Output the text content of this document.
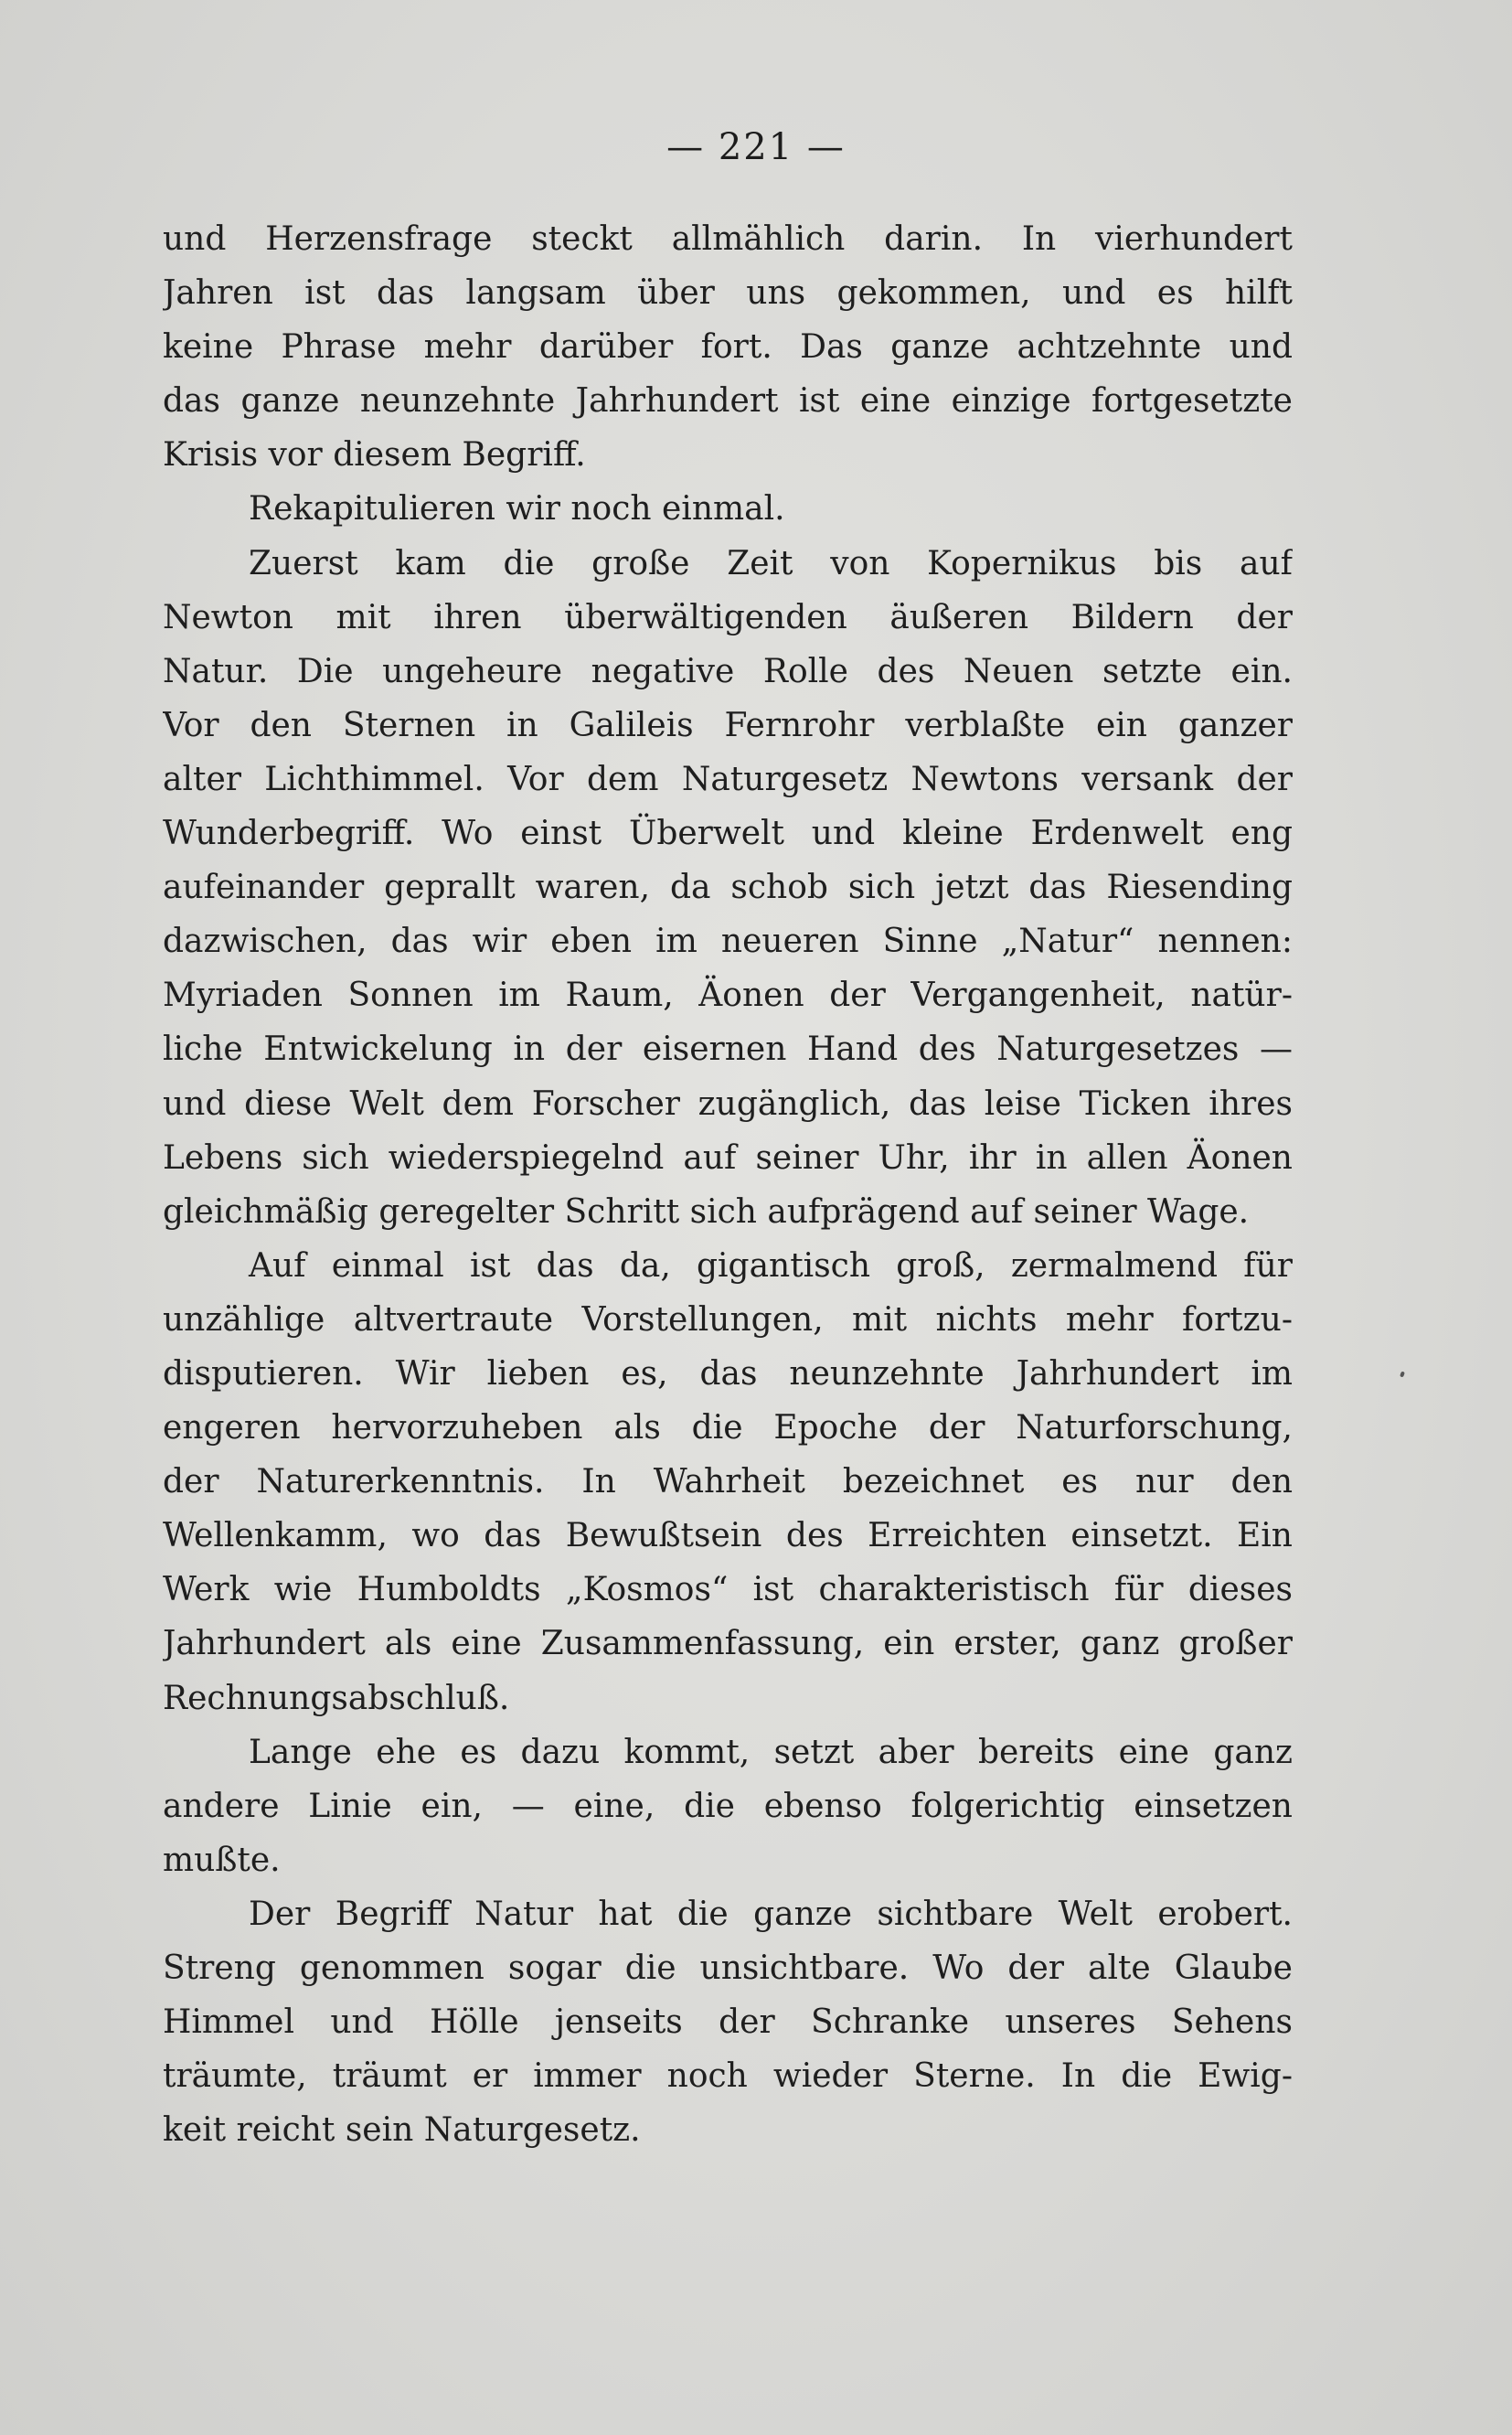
— 221 —
und Herzensfrage steckt allmählich darin. In vierhundert
Jahren ist das langsam über uns gekommen, und es hilft
keine Phrase mehr darüber fort. Das ganze achtzehnte und
das ganze neunzehnte Jahrhundert ist eine einzige fortgesetzte
Krisis vor diesem Begriff.
Rekapitulieren wir noch einmal.
Zuerst kam die große Zeit von Kopernikus bis auf
Newton mit ihren überwältigenden äußeren Bildern der
Natur. Die ungeheure negative Rolle des Neuen setzte ein.
Vor den Sternen in Galileis Fernrohr verblaßte ein ganzer
alter Lichthimmel. Vor dem Naturgesetz Newtons versank der
Wunderbegriff. Wo einst Überwelt und kleine Erdenwelt eng
aufeinander geprallt waren, da schob sich jetzt das Riesending
dazwischen, das wir eben im neueren Sinne „Natur“ nennen:
Myriaden Sonnen im Raum, Äonen der Vergangenheit, natür-
liche Entwickelung in der eisernen Hand des Naturgesetzes —
und diese Welt dem Forscher zugänglich, das leise Ticken ihres
Lebens sich wiederspiegelnd auf seiner Uhr, ihr in allen Äonen
gleichmäßig geregelter Schritt sich aufprägend auf seiner Wage.
Auf einmal ist das da, gigantisch groß, zermalmend für
unzählige altvertraute Vorstellungen, mit nichts mehr fortzu-
disputieren. Wir lieben es, das neunzehnte Jahrhundert im
engeren hervorzuheben als die Epoche der Naturforschung,
der Naturerkenntnis. In Wahrheit bezeichnet es nur den
Wellenkamm, wo das Bewußtsein des Erreichten einsetzt. Ein
Werk wie Humboldts „Kosmos“ ist charakteristisch für dieses
Jahrhundert als eine Zusammenfassung, ein erster, ganz großer
Rechnungsabschluß.
Lange ehe es dazu kommt, setzt aber bereits eine ganz
andere Linie ein, — eine, die ebenso folgerichtig einsetzen
mußte.
Der Begriff Natur hat die ganze sichtbare Welt erobert.
Streng genommen sogar die unsichtbare. Wo der alte Glaube
Himmel und Hölle jenseits der Schranke unseres Sehens
träumte, träumt er immer noch wieder Sterne. In die Ewig-
keit reicht sein Naturgesetz.
